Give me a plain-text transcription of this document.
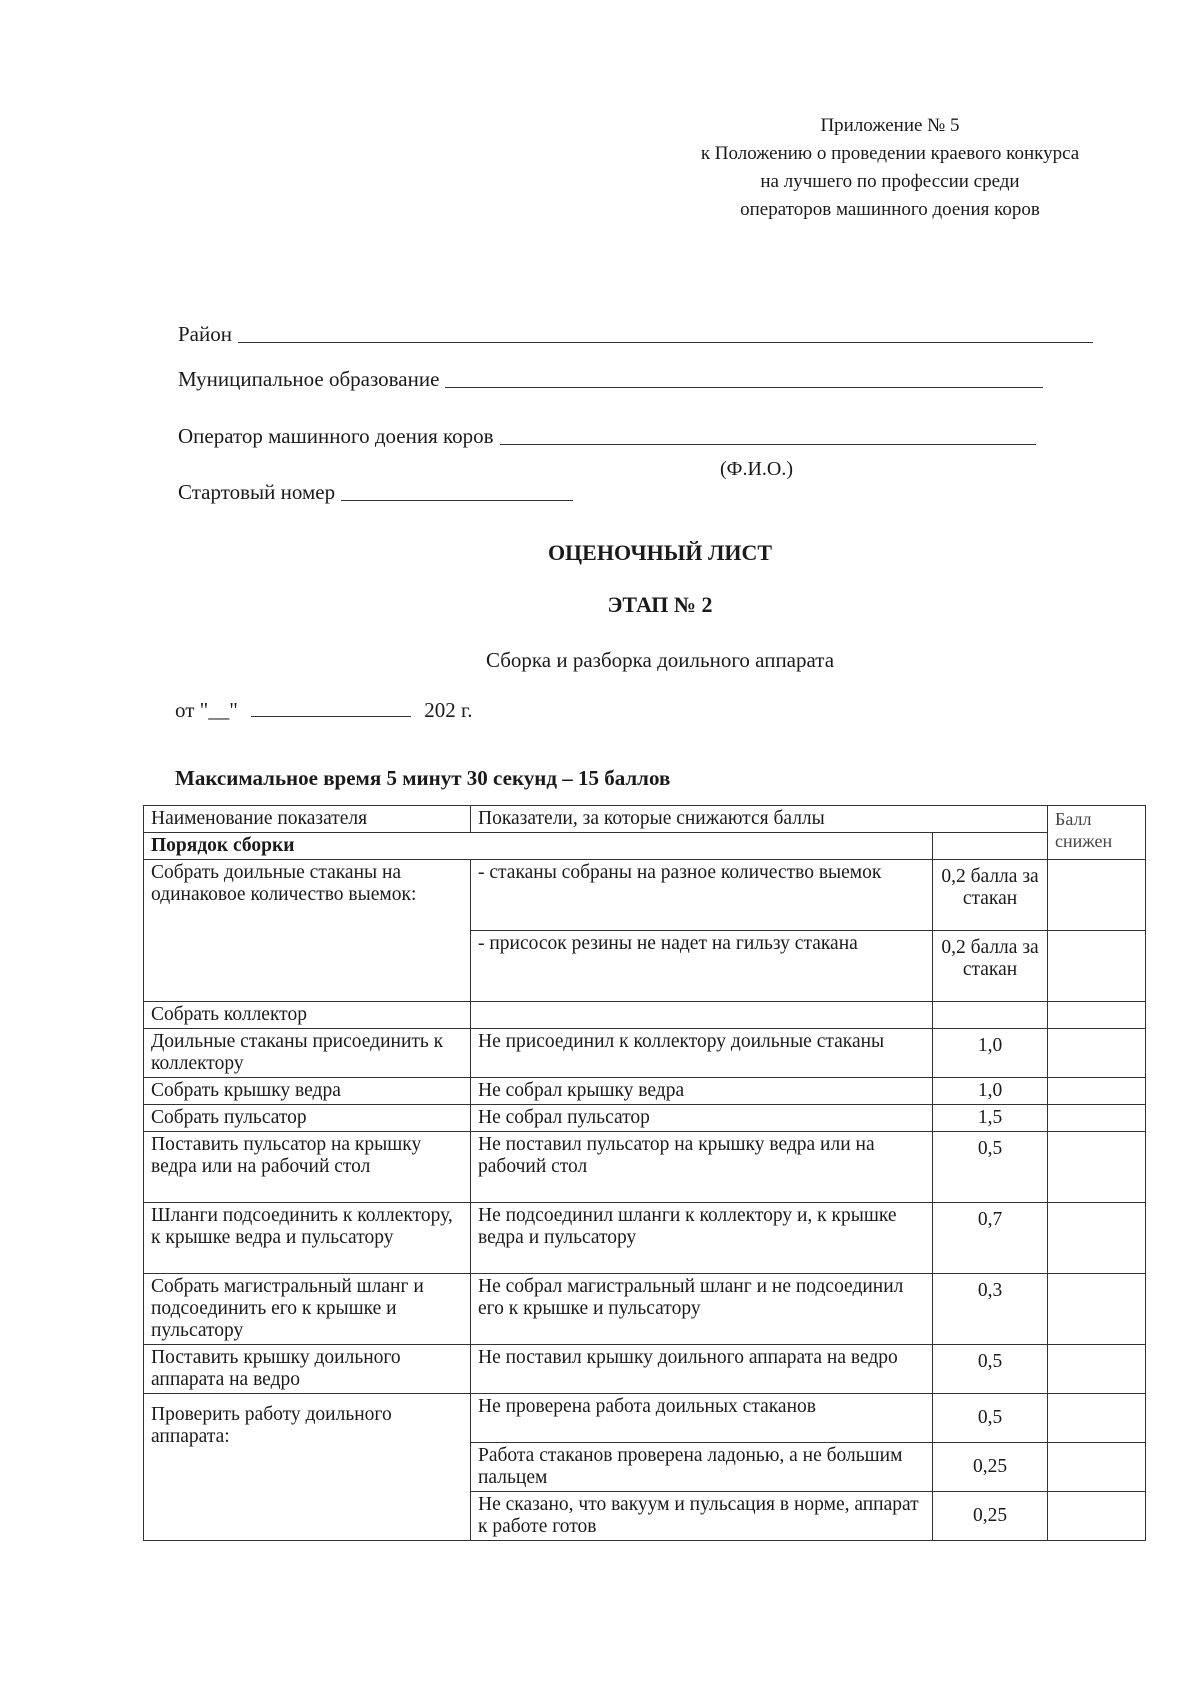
Приложение № 5
к Положению о проведении краевого конкурса
на лучшего по профессии среди
операторов машинного доения коров
Район
Муниципальное образование
Оператор машинного доения коров
(Ф.И.О.)
Стартовый номер
ОЦЕНОЧНЫЙ ЛИСТ
ЭТАП № 2
Сборка и разборка доильного аппарата
от "__"	202 г.
Максимальное время 5 минут 30 секунд – 15 баллов
Наименование показателя	Показатели, за которые снижаются баллы		Балл снижен
Порядок сборки			
Собрать доильные стаканы на одинаковое количество выемок:	- стаканы собраны на разное количество выемок	0,2 балла за стакан	
	- присосок резины не надет на гильзу стакана	0,2 балла за стакан	
Собрать коллектор			
Доильные стаканы присоединить к коллектору	Не присоединил к коллектору доильные стаканы	1,0	
Собрать крышку ведра	Не собрал крышку ведра	1,0	
Собрать пульсатор	Не собрал пульсатор	1,5	
Поставить пульсатор на крышку ведра или на рабочий стол	Не поставил пульсатор на крышку ведра или на рабочий стол	0,5	
Шланги подсоединить к коллектору, к крышке ведра и пульсатору	Не подсоединил шланги к коллектору и, к крышке ведра и пульсатору	0,7	
Собрать магистральный шланг и подсоединить его к крышке и пульсатору	Не собрал магистральный шланг и не подсоединил его к крышке и пульсатору	0,3	
Поставить крышку доильного аппарата на ведро	Не поставил крышку доильного аппарата на ведро	0,5	
Проверить работу доильного аппарата:	Не проверена работа доильных стаканов	0,5	
	Работа стаканов проверена ладонью, а не большим пальцем	0,25	
	Не сказано, что вакуум и пульсация в норме, аппарат к работе готов	0,25	
